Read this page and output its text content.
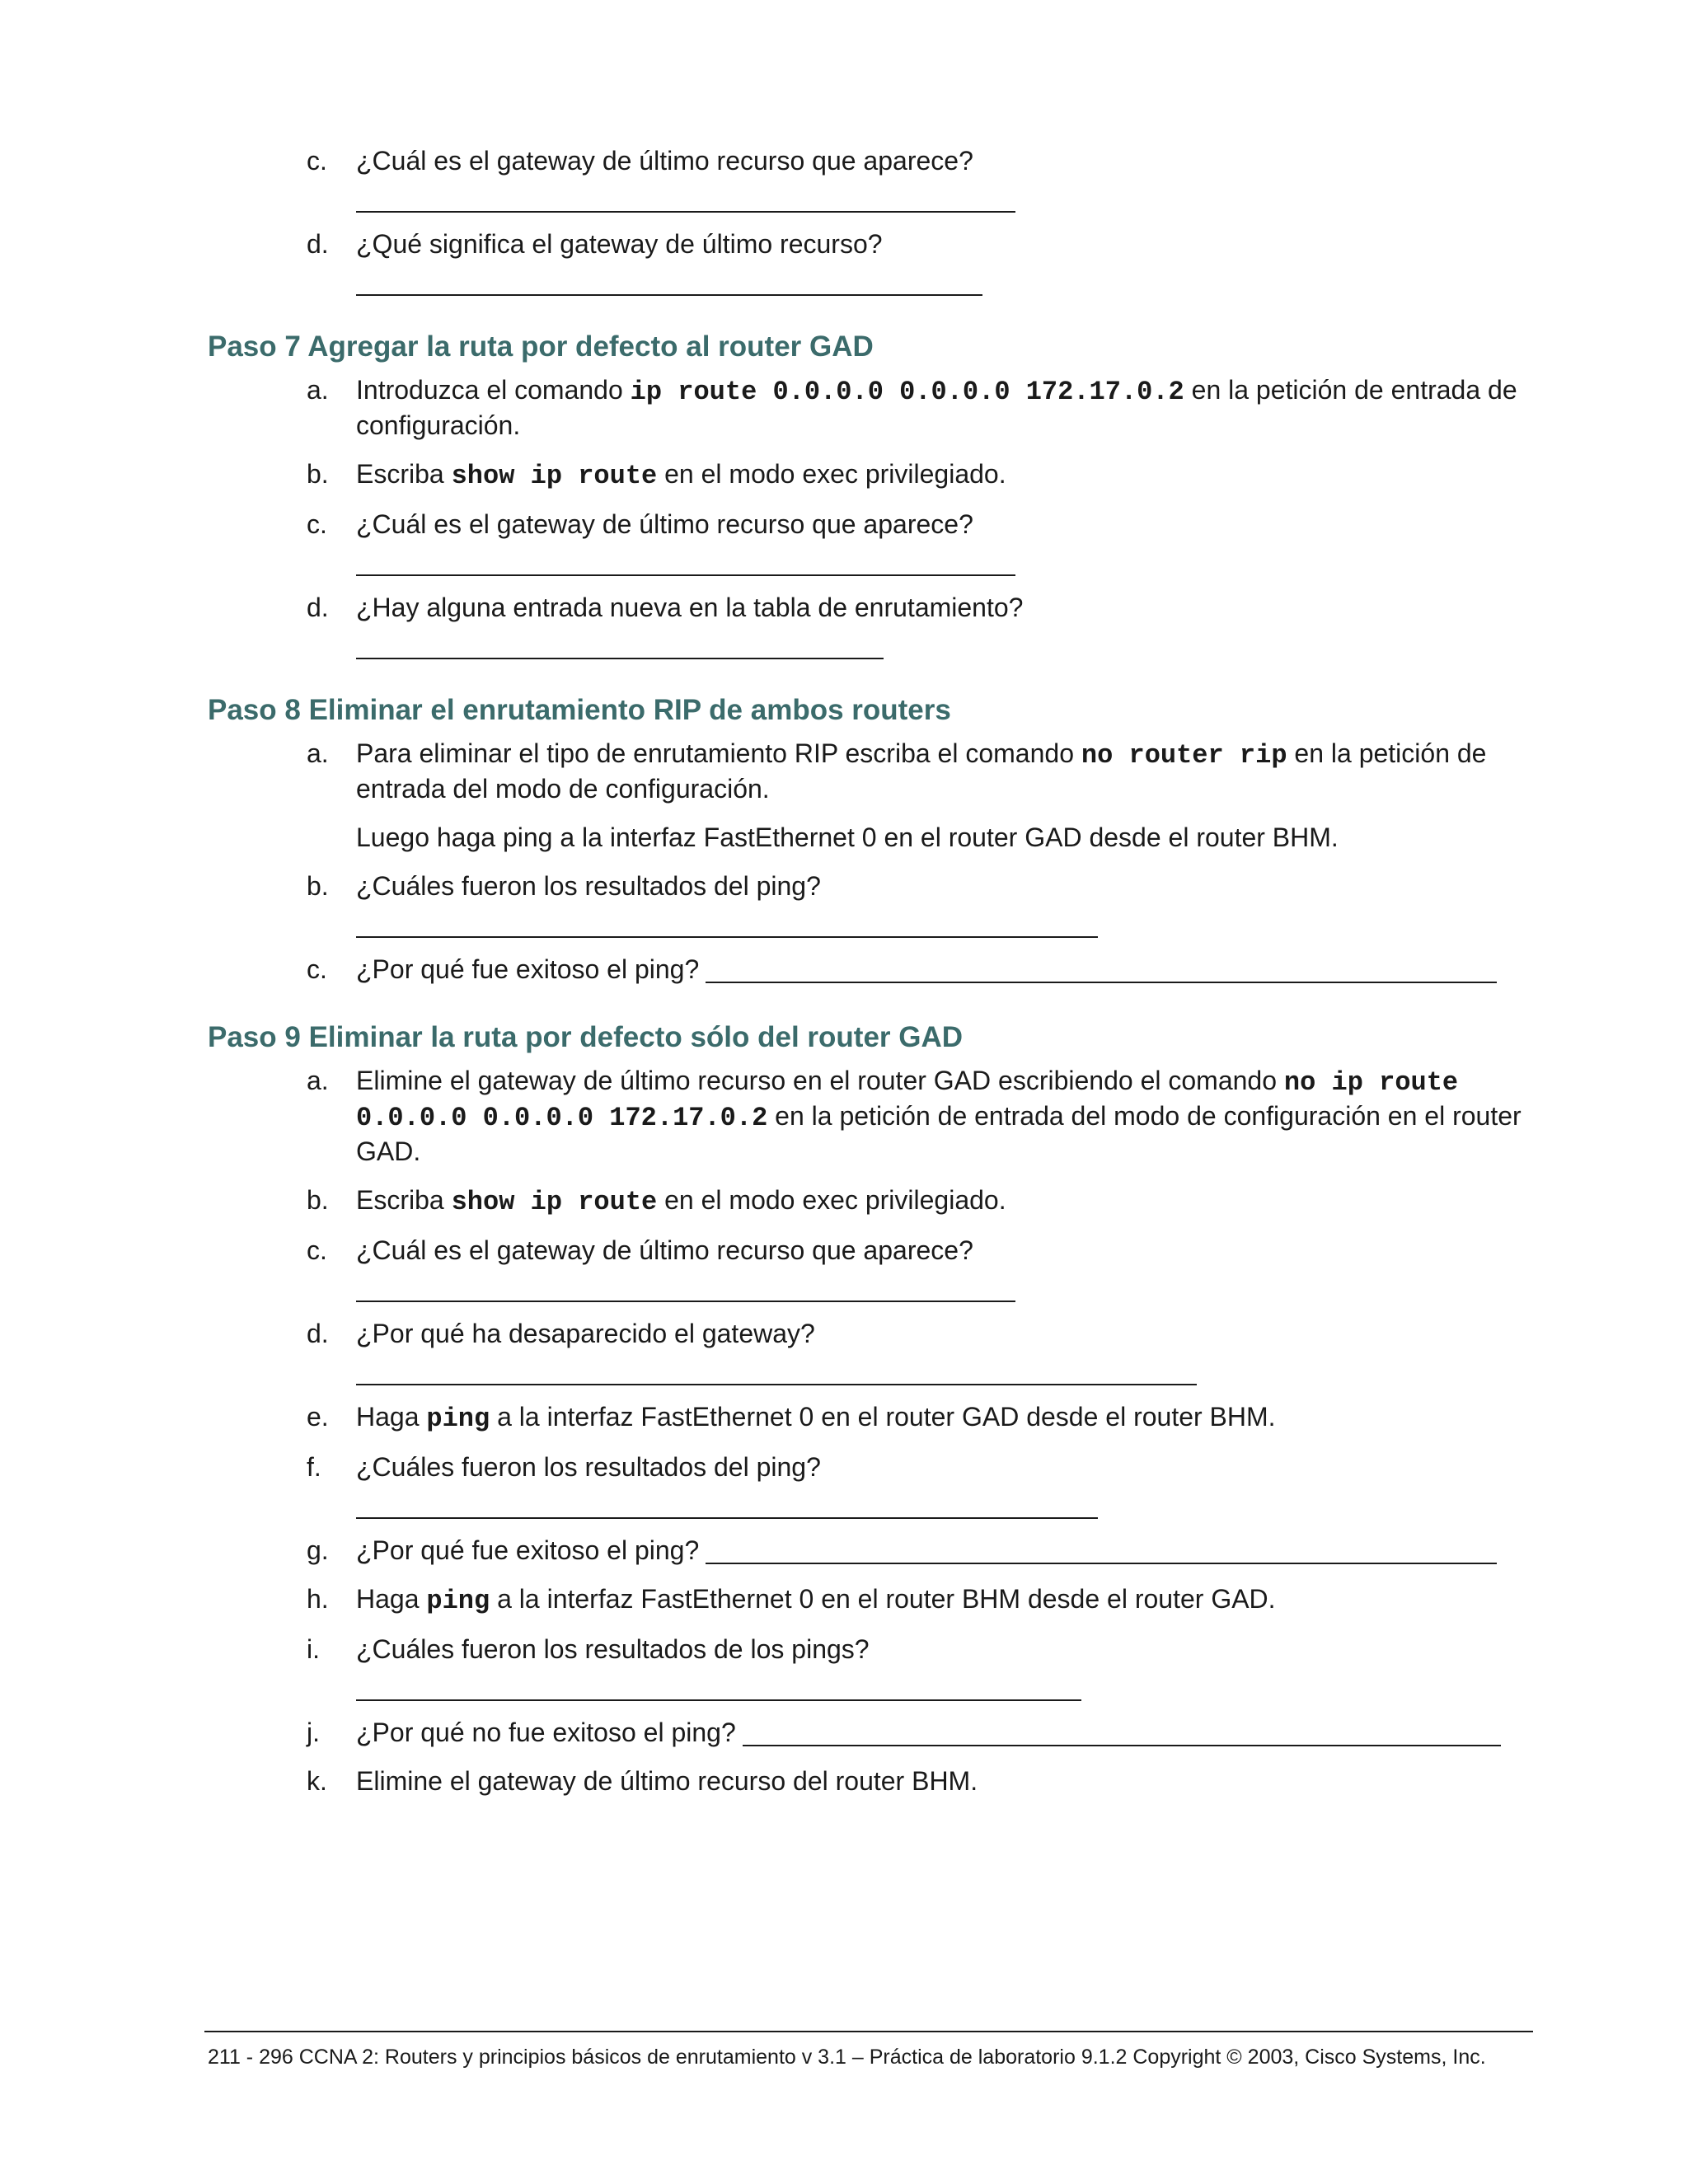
c. ¿Cuál es el gateway de último recurso que aparece?
d. ¿Qué significa el gateway de último recurso?
Paso 7 Agregar la ruta por defecto al router GAD
a. Introduzca el comando ip route 0.0.0.0 0.0.0.0 172.17.0.2 en la petición de entrada de configuración.
b. Escriba show ip route en el modo exec privilegiado.
c. ¿Cuál es el gateway de último recurso que aparece?
d. ¿Hay alguna entrada nueva en la tabla de enrutamiento?
Paso 8 Eliminar el enrutamiento RIP de ambos routers
a. Para eliminar el tipo de enrutamiento RIP escriba el comando no router rip en la petición de entrada del modo de configuración.
Luego haga ping a la interfaz FastEthernet 0 en el router GAD desde el router BHM.
b. ¿Cuáles fueron los resultados del ping?
c. ¿Por qué fue exitoso el ping?
Paso 9 Eliminar la ruta por defecto sólo del router GAD
a. Elimine el gateway de último recurso en el router GAD escribiendo el comando no ip route 0.0.0.0 0.0.0.0 172.17.0.2 en la petición de entrada del modo de configuración en el router GAD.
b. Escriba show ip route en el modo exec privilegiado.
c. ¿Cuál es el gateway de último recurso que aparece?
d. ¿Por qué ha desaparecido el gateway?
e. Haga ping a la interfaz FastEthernet 0 en el router GAD desde el router BHM.
f. ¿Cuáles fueron los resultados del ping?
g. ¿Por qué fue exitoso el ping?
h. Haga ping a la interfaz FastEthernet 0 en el router BHM desde el router GAD.
i. ¿Cuáles fueron los resultados de los pings?
j. ¿Por qué no fue exitoso el ping?
k. Elimine el gateway de último recurso del router BHM.
211 - 296 CCNA 2: Routers y principios básicos de enrutamiento v 3.1 – Práctica de laboratorio 9.1.2 Copyright © 2003, Cisco Systems, Inc.
